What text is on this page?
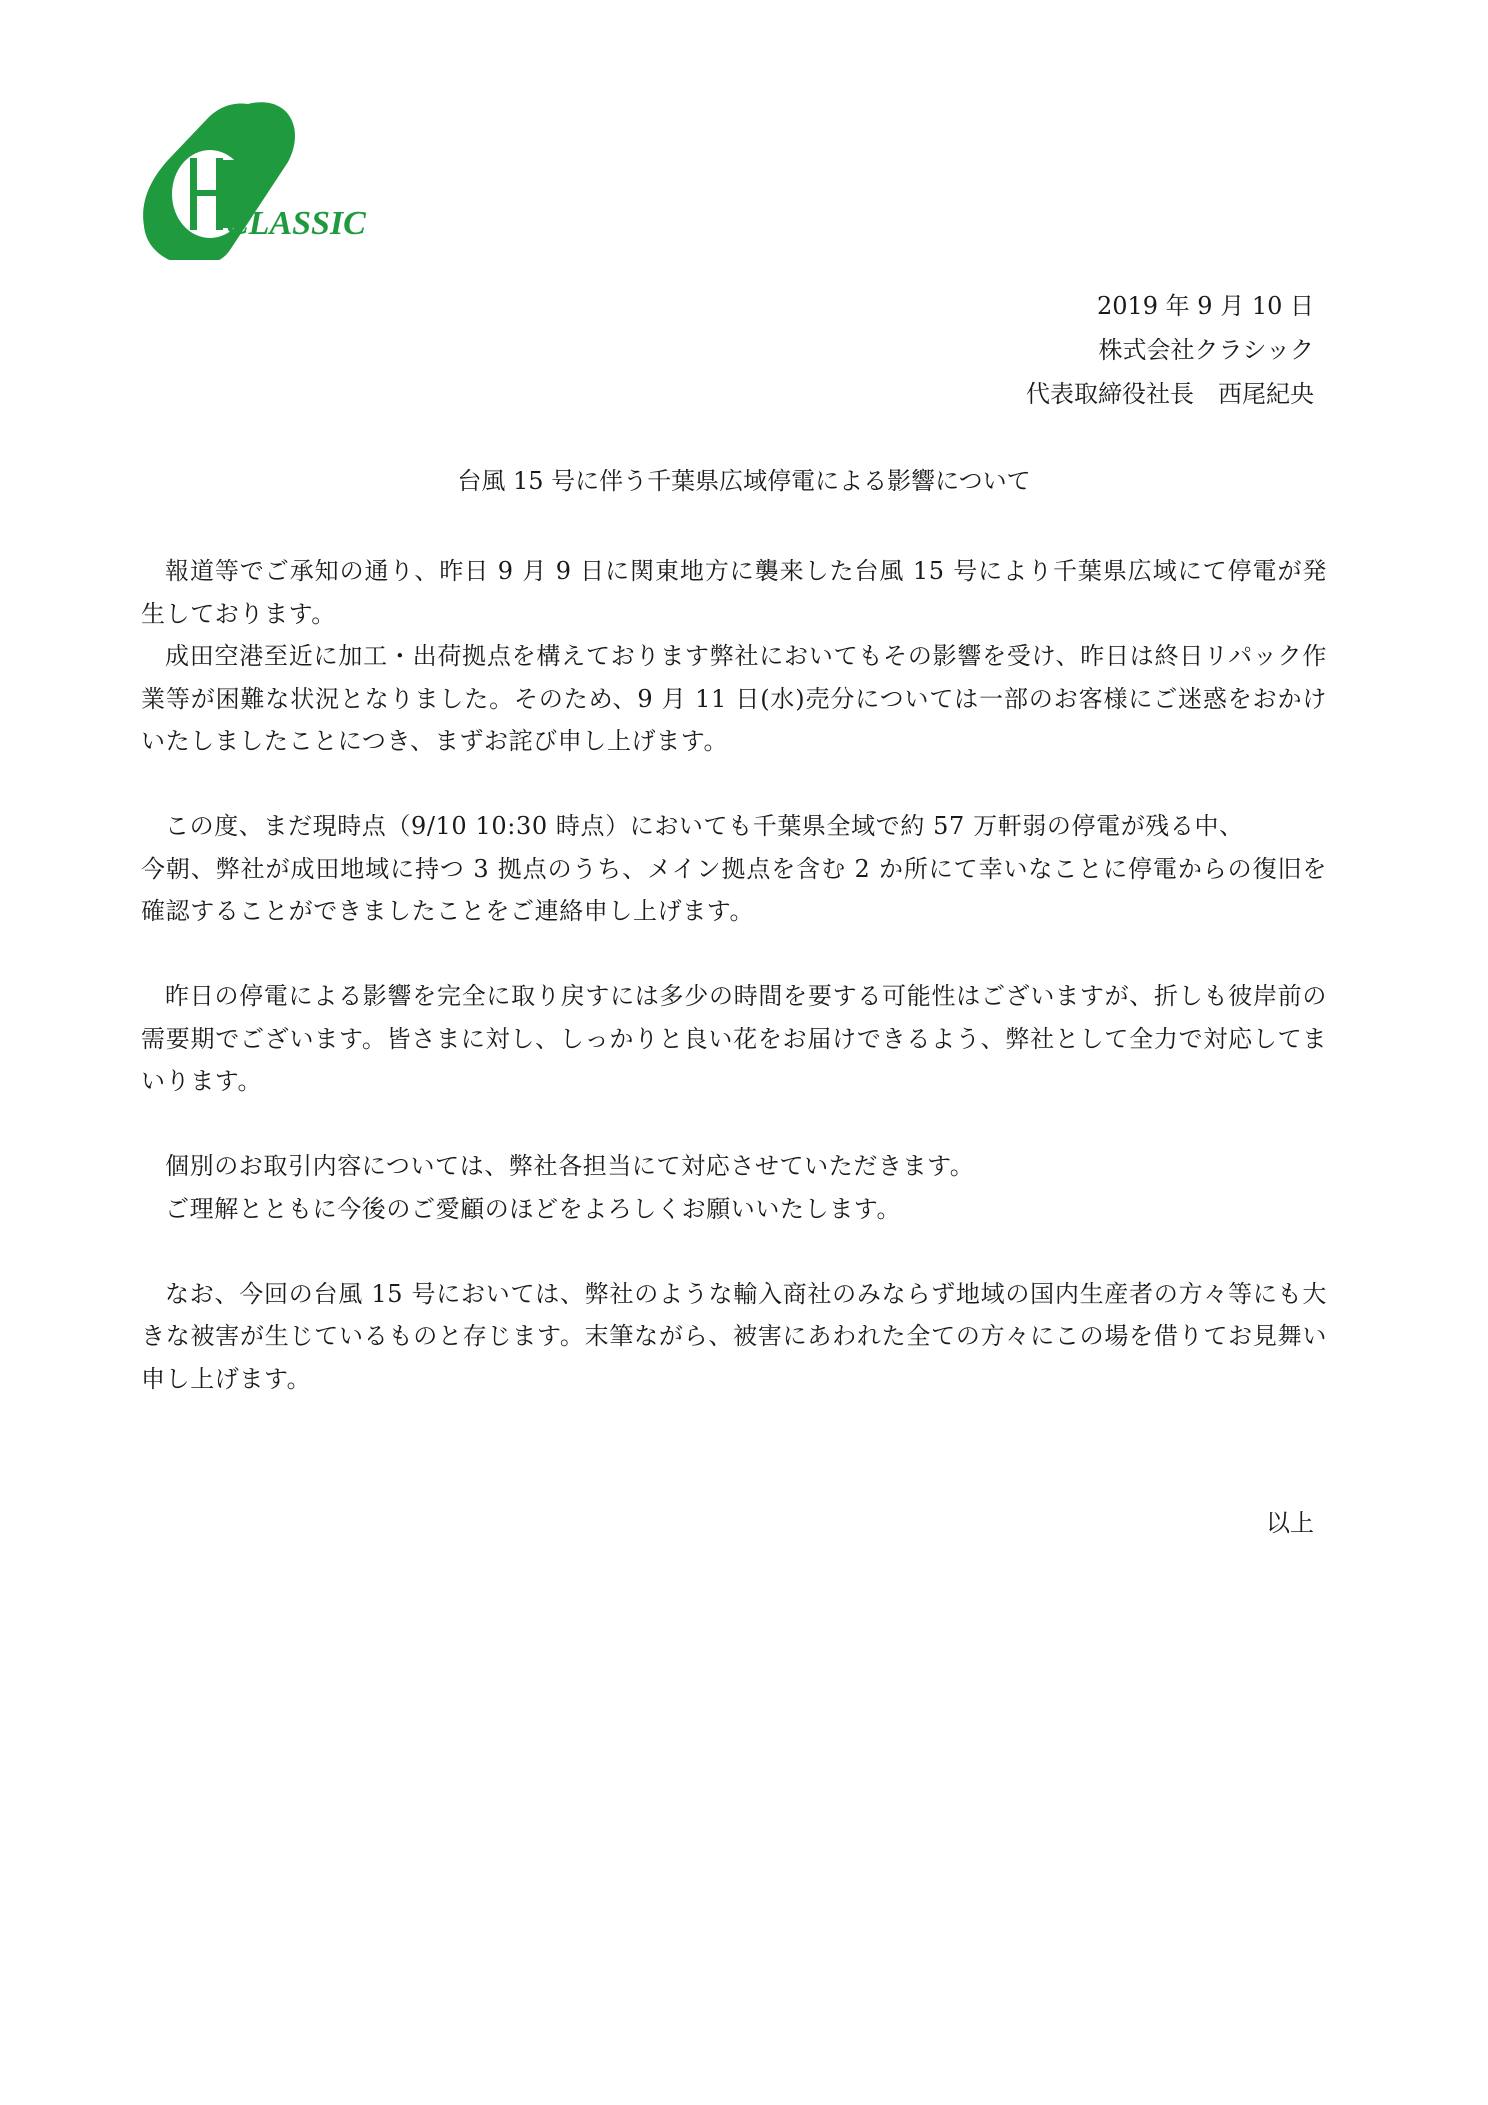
CLASSIC
2019 年 9 月 10 日
株式会社クラシック
代表取締役社長　西尾紀央
台風 15 号に伴う千葉県広域停電による影響について

報道等でご承知の通り、昨日 9 月 9 日に関東地方に襲来した台風 15 号により千葉県広域にて停電が発生しております。

成田空港至近に加工・出荷拠点を構えております弊社においてもその影響を受け、昨日は終日リパック作業等が困難な状況となりました。そのため、9 月 11 日(水)売分については一部のお客様にご迷惑をおかけいたしましたことにつき、まずお詫び申し上げます。

この度、まだ現時点（9/10 10:30 時点）においても千葉県全域で約 57 万軒弱の停電が残る中、

今朝、弊社が成田地域に持つ 3 拠点のうち、メイン拠点を含む 2 か所にて幸いなことに停電からの復旧を確認することができましたことをご連絡申し上げます。

昨日の停電による影響を完全に取り戻すには多少の時間を要する可能性はございますが、折しも彼岸前の需要期でございます。皆さまに対し、しっかりと良い花をお届けできるよう、弊社として全力で対応してまいります。

個別のお取引内容については、弊社各担当にて対応させていただきます。

ご理解とともに今後のご愛顧のほどをよろしくお願いいたします。

なお、今回の台風 15 号においては、弊社のような輸入商社のみならず地域の国内生産者の方々等にも大きな被害が生じているものと存じます。末筆ながら、被害にあわれた全ての方々にこの場を借りてお見舞い申し上げます。

以上
